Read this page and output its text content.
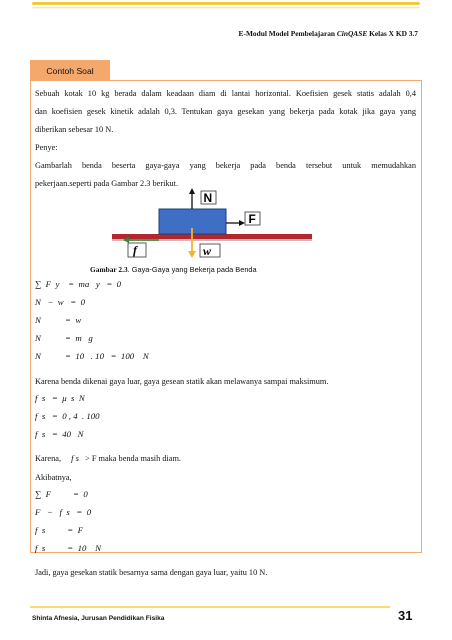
E-Modul Model Pembelajaran CinQASE Kelas X KD 3.7
Contoh Soal
Sebuah kotak 10 kg berada dalam keadaan diam di lantai horizontal. Koefisien gesek statis adalah 0,4
dan koefisien gesek kinetik adalah 0,3. Tentukan gaya gesekan yang bekerja pada kotak jika gaya yang
diberikan sebesar 10 N.
Penye:
Gambarlah benda beserta gaya-gaya yang bekerja pada benda tersebut untuk memudahkan
pekerjaan.seperti pada Gambar 2.3 berikut.
N
F
f	w
Gambar 2.3. Gaya-Gaya yang Bekerja pada Benda
∑  F  y    =  ma   y   =  0
N   −  w   =  0
N           =  w
N           =  m   g
N           =  10   . 10   =  100    N
Karena benda dikenai gaya luar, gaya gesean statik akan melawanya sampai maksimum.
f  s   =  μ  s  N
f  s   =  0 , 4  . 100
f  s   =  40   N
Karena, f s > F maka benda masih diam.
Akibatnya,
∑  F          =  0
F   −   f  s   =  0
f  s          =  F
f  s          =  10    N
Jadi, gaya gesekan statik besarnya sama dengan gaya luar, yaitu 10 N.
Shinta Afnesia, Jurusan Pendidikan Fisika	31
